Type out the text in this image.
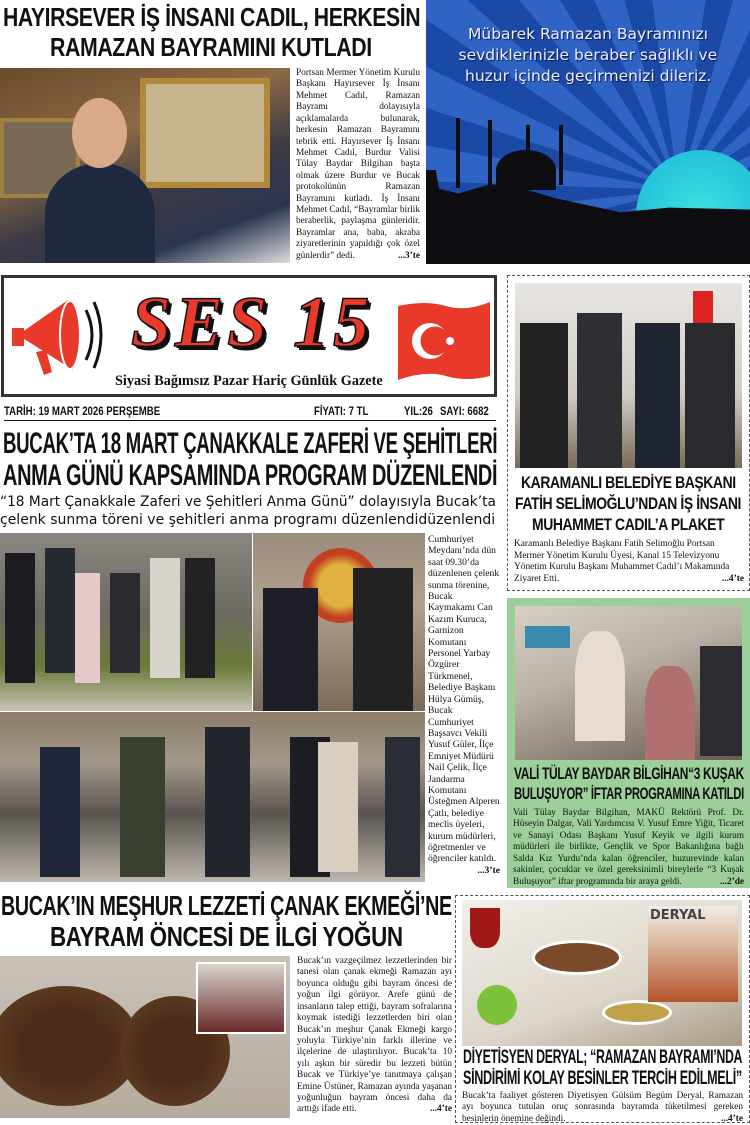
HAYIRSEVER İŞ İNSANI CADIL, HERKESİN
RAMAZAN BAYRAMINI KUTLADI
Portsan Mermer Yönetim Kurulu Başkanı Hayırsever İş İnsanı Mehmet Cadıl, Ramazan Bayramı dolayısıyla açıklamalarda bulunarak, herkesin Ramazan Bayramını tebrik etti. Hayırsever İş İnsanı Mehmet Cadıl, Burdur Valisi Tülay Baydar Bilgihan başta olmak üzere Burdur ve Bucak protokolünün Ramazan Bayramını kutladı. İş İnsanı Mehmet Cadıl, “Bayramlar birlik beraberlik, paylaşma günleridir. Bayramlar ana, baba, akraba ziyaretlerinin yapıldığı çok özel günlerdir” dedi.	...3’te
Mübarek Ramazan Bayramınızı
sevdiklerinizle beraber sağlıklı ve
huzur içinde geçirmenizi dileriz.
SES 15
Siyasi Bağımsız Pazar Hariç Günlük Gazete
TARİH: 19 MART 2026 PERŞEMBE	FİYATI: 7 TL	YIL:26 SAYI: 6682
BUCAK’TA 18 MART ÇANAKKALE ZAFERİ VE ŞEHİTLERİ
ANMA GÜNÜ KAPSAMINDA PROGRAM DÜZENLENDİ
“18 Mart Çanakkale Zaferi ve Şehitleri Anma Günü” dolayısıyla Bucak’ta
çelenk sunma töreni ve şehitleri anma programı düzenlendidüzenlendi
Cumhuriyet Meydanı’nda dün saat 09.30’da düzenlenen çelenk sunma törenine, Bucak Kaymakamı Can Kazım Kuruca, Garnizon Komutanı Personel Yarbay Özgürer Türkmenel, Belediye Başkanı Hülya Gümüş, Bucak Cumhuriyet Başsavcı Vekili Yusuf Güler, İlçe Emniyet Müdürü Nail Çelik, İlçe Jandarma Komutanı Üsteğmen Alperen Çatlı, belediye meclis üyeleri, kurum müdürleri, öğretmenler ve öğrenciler katıldı.
...3’te
KARAMANLI BELEDİYE BAŞKANI
FATİH SELİMOĞLU’NDAN İŞ İNSANI
MUHAMMET CADIL’A PLAKET
Karamanlı Belediye Başkanı Fatih Selimoğlu Portsan Mermer Yönetim Kurulu Üyesi, Kanal 15 Televizyonu Yönetim Kurulu Başkanı Muhammet Cadıl’ı Makamında Ziyaret Etti.	...4’te
VALİ TÜLAY BAYDAR BİLGİHAN“3 KUŞAK
BULUŞUYOR” İFTAR PROGRAMINA KATILDI
Vali Tülay Baydar Bilgihan, MAKÜ Rektörü Prof. Dr. Hüseyin Dalgar, Vali Yardımcısı V. Yusuf Emre Yiğit, Ticaret ve Sanayi Odası Başkanı Yusuf Keyik ve ilgili kurum müdürleri ile birlikte, Gençlik ve Spor Bakanlığına bağlı Salda Kız Yurdu’nda kalan öğrenciler, huzurevinde kalan sakinler, çocuklar ve özel gereksinimli bireylerle “3 Kuşak Buluşuyor” iftar programında bir araya geldi.	...2’de
BUCAK’IN MEŞHUR LEZZETİ ÇANAK EKMEĞİ’NE
BAYRAM ÖNCESİ DE İLGİ YOĞUN
Bucak’ın vazgeçilmez lezzetlerinden bir tanesi olan çanak ekmeği Ramazan ayı boyunca olduğu gibi bayram öncesi de yoğun ilgi görüyor. Arefe günü de insanların talep ettiği, bayram sofralarına koymak istediği lezzetlerden biri olan Bucak’ın meşhur Çanak Ekmeği kargo yoluyla Türkiye’nin farklı illerine ve ilçelerine de ulaştırılıyor. Bucak’ta 10 yılı aşkın bir süredir bu lezzeti bütün Bucak ve Türkiye’ye tanıtmaya çalışan Emine Üstüner, Ramazan ayında yaşanan yoğunluğun bayram öncesi daha da arttığı ifade etti.	...4’te
DERYAL
DİYETİSYEN DERYAL; “RAMAZAN BAYRAMI’NDA
SİNDİRİMİ KOLAY BESİNLER TERCİH EDİLMELİ”
Bucak’ta faaliyet gösteren Diyetisyen Gülsüm Begüm Deryal, Ramazan ayı boyunca tutulan oruç sonrasında bayramda tüketilmesi gereken besinlerin önemine değindi.	...4’te
